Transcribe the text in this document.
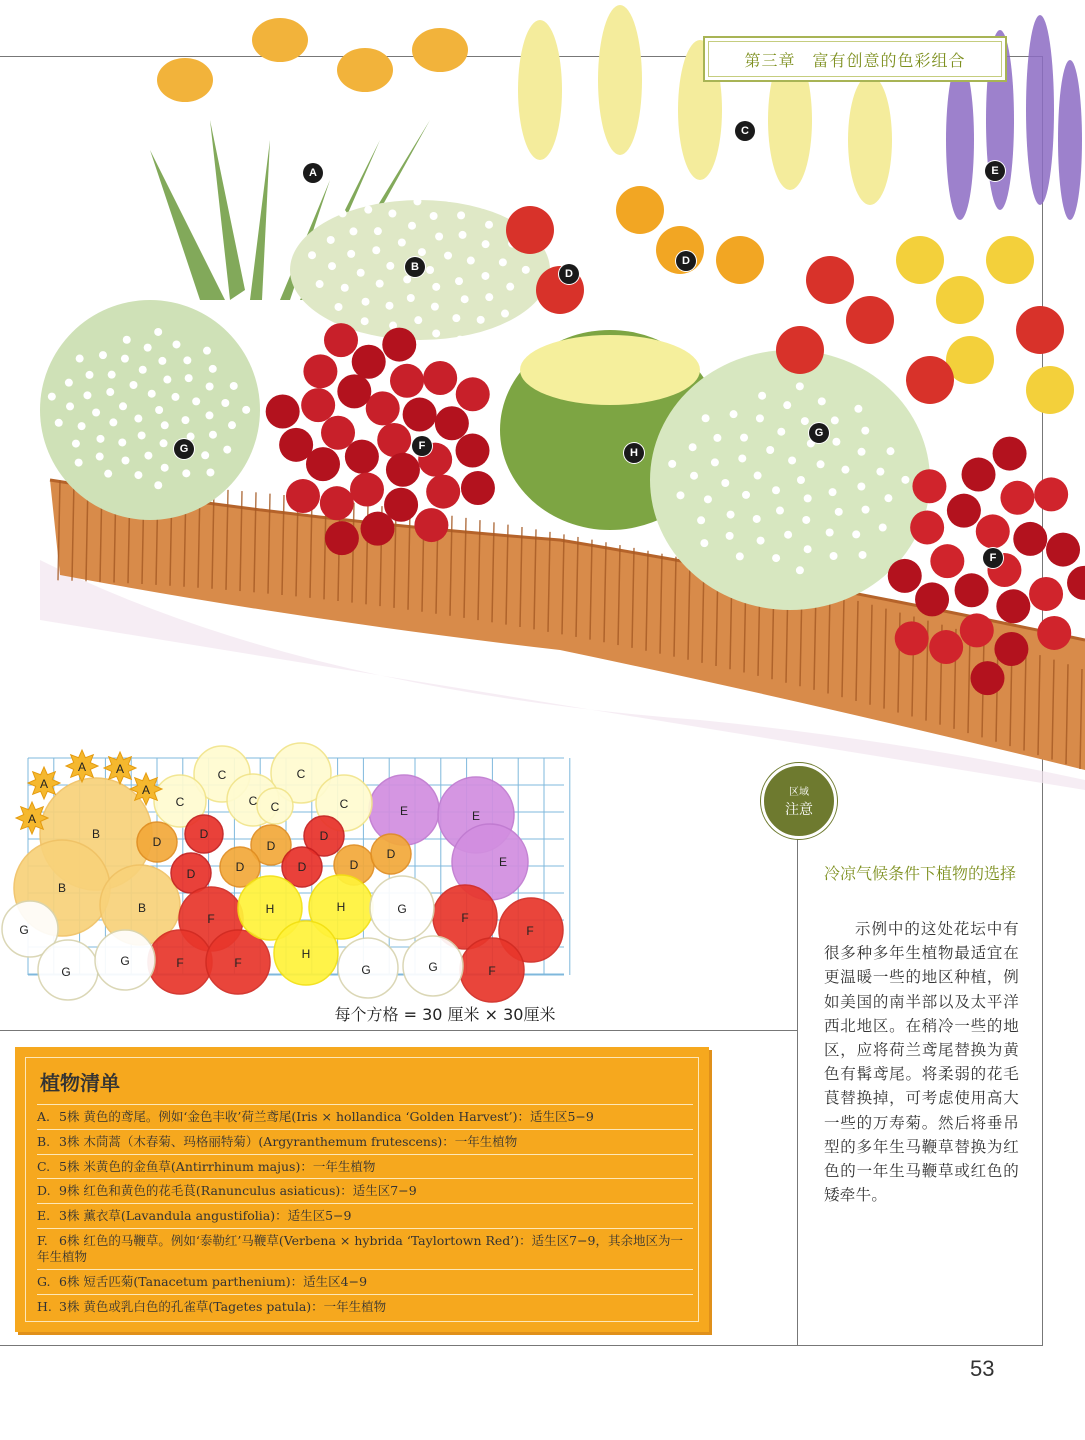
A
B
C
D
D
E
G	F
H
G
F
第三章　富有创意的色彩组合
A
A A
A
A
B
B
B
C	C
C	C	C
C
D
D
D
D
D
D	D	D
D
E	E
E
F
F	F
F
F
F
G
G
G
G
G	G
H	H
H
每个方格 = 30 厘米 × 30厘米
区域
注意
冷凉气候条件下植物的选择
示例中的这处花坛中有很多种多年生植物最适宜在更温暖一些的地区种植，例如美国的南半部以及太平洋西北地区。在稍冷一些的地区，应将荷兰鸢尾替换为黄色有髯鸢尾。将柔弱的花毛茛替换掉，可考虑使用高大一些的万寿菊。然后将垂吊型的多年生马鞭草替换为红色的一年生马鞭草或红色的矮牵牛。
植物清单
A. 5株 黄色的鸢尾。例如‘金色丰收’荷兰鸢尾(Iris × hollandica ‘Golden Harvest’)：适生区5−9
B. 3株 木茼蒿（木春菊、玛格丽特菊）(Argyranthemum frutescens)：一年生植物
C. 5株 米黄色的金鱼草(Antirrhinum majus)：一年生植物
D. 9株 红色和黄色的花毛茛(Ranunculus asiaticus)：适生区7−9
E. 3株 薰衣草(Lavandula angustifolia)：适生区5−9
F. 6株 红色的马鞭草。例如‘泰勒红’马鞭草(Verbena × hybrida ‘Taylortown Red’)：适生区7−9，其余地区为一年生植物
G. 6株 短舌匹菊(Tanacetum parthenium)：适生区4−9
H. 3株 黄色或乳白色的孔雀草(Tagetes patula)：一年生植物
53
